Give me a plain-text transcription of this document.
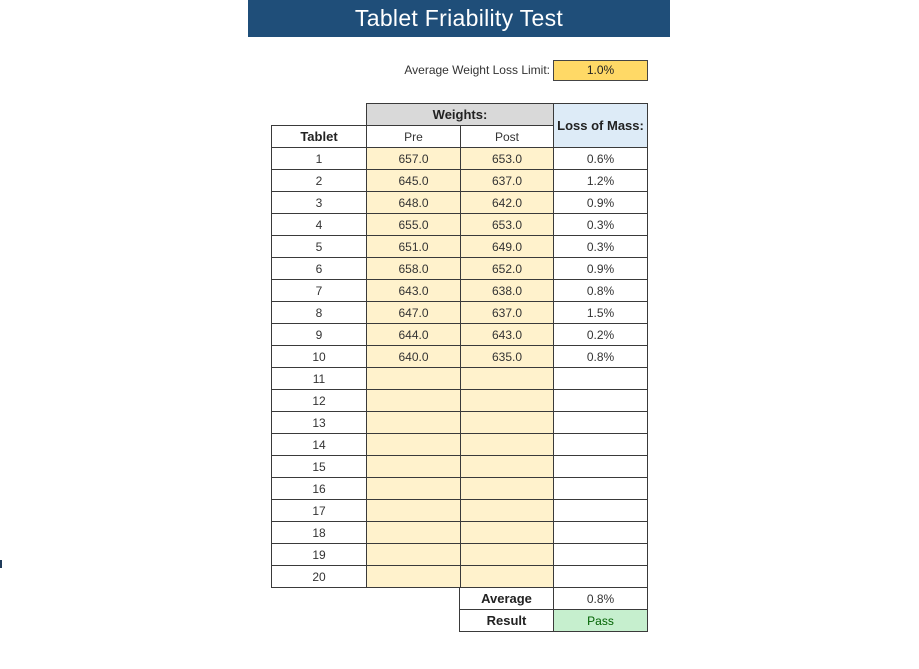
Tablet Friability Test
Average Weight Loss Limit:	1.0%
Weights:
Loss of Mass:
Tablet	Pre	Post
1	657.0	653.0	0.6%
2	645.0	637.0	1.2%
3	648.0	642.0	0.9%
4	655.0	653.0	0.3%
5	651.0	649.0	0.3%
6	658.0	652.0	0.9%
7	643.0	638.0	0.8%
8	647.0	637.0	1.5%
9	644.0	643.0	0.2%
10	640.0	635.0	0.8%
11
12
13
14
15
16
17
18
19
20
Average	0.8%
Result	Pass
